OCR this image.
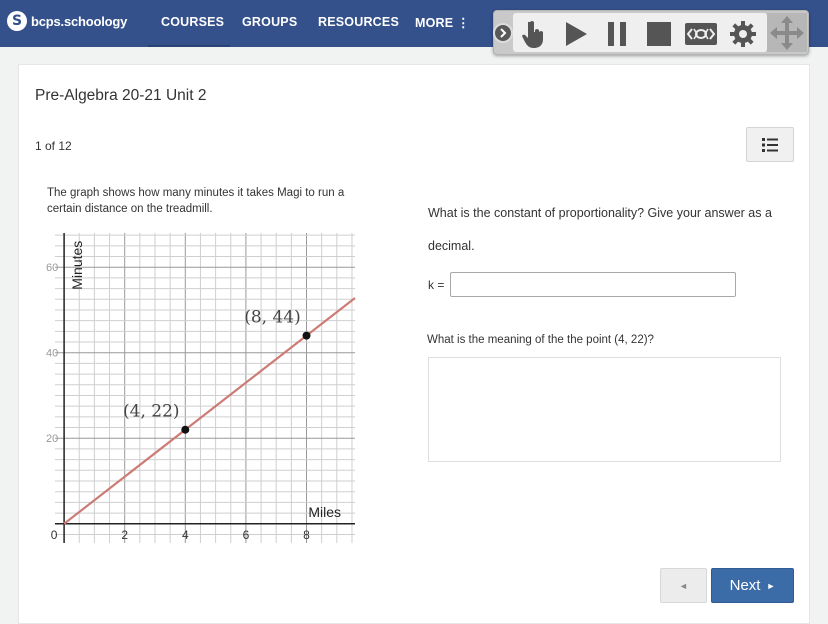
S bcps.schoology	COURSES GROUPS RESOURCES MORE ⋮
Pre-Algebra 20-21 Unit 2
1 of 12
The graph shows how many minutes it takes Magi to run a certain distance on the treadmill.
0	2	4	6	8
20
40
60
(4, 22)
(8, 44)
Miles
Minutes
What is the constant of proportionality? Give your answer as a decimal.
k =
What is the meaning of the the point (4, 22)?
◄	Next ►
